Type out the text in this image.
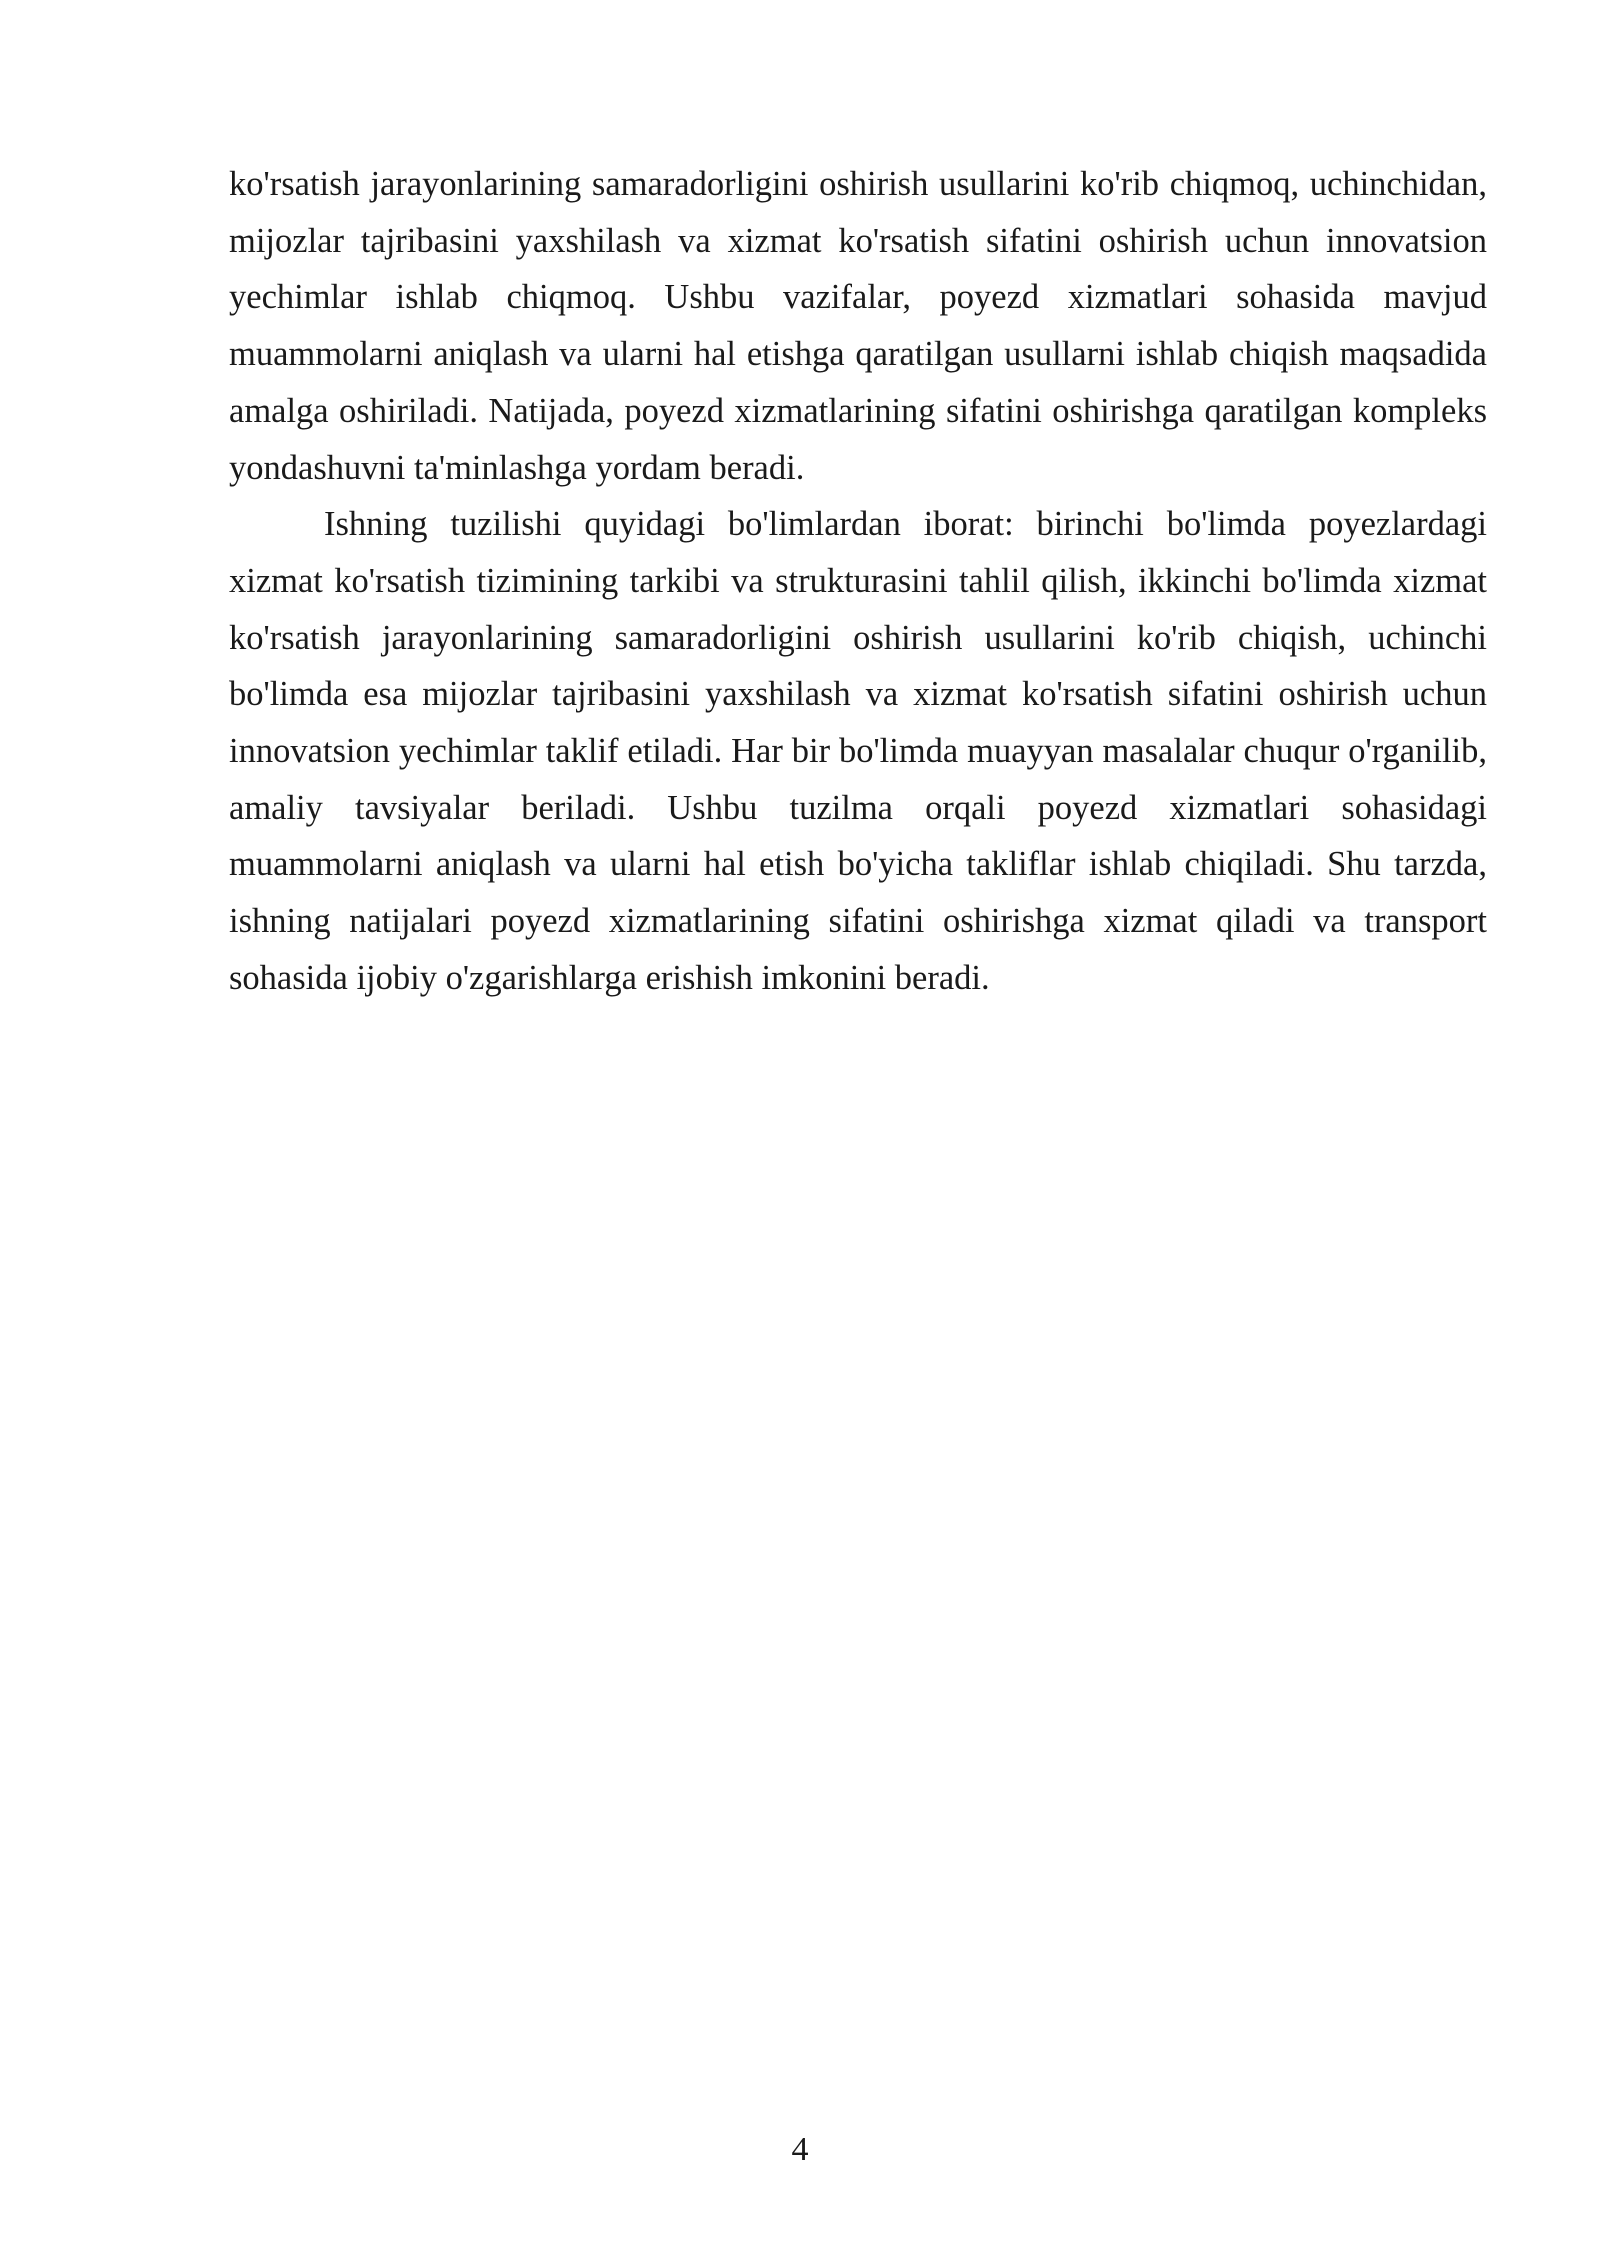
ko'rsatish jarayonlarining samaradorligini oshirish usullarini ko'rib chiqmoq, uchinchidan, mijozlar tajribasini yaxshilash va xizmat ko'rsatish sifatini oshirish uchun innovatsion yechimlar ishlab chiqmoq. Ushbu vazifalar, poyezd xizmatlari sohasida mavjud muammolarni aniqlash va ularni hal etishga qaratilgan usullarni ishlab chiqish maqsadida amalga oshiriladi. Natijada, poyezd xizmatlarining sifatini oshirishga qaratilgan kompleks yondashuvni ta'minlashga yordam beradi.

Ishning tuzilishi quyidagi bo'limlardan iborat: birinchi bo'limda poyezlardagi xizmat ko'rsatish tizimining tarkibi va strukturasini tahlil qilish, ikkinchi bo'limda xizmat ko'rsatish jarayonlarining samaradorligini oshirish usullarini ko'rib chiqish, uchinchi bo'limda esa mijozlar tajribasini yaxshilash va xizmat ko'rsatish sifatini oshirish uchun innovatsion yechimlar taklif etiladi. Har bir bo'limda muayyan masalalar chuqur o'rganilib, amaliy tavsiyalar beriladi. Ushbu tuzilma orqali poyezd xizmatlari sohasidagi muammolarni aniqlash va ularni hal etish bo'yicha takliflar ishlab chiqiladi. Shu tarzda, ishning natijalari poyezd xizmatlarining sifatini oshirishga xizmat qiladi va transport sohasida ijobiy o'zgarishlarga erishish imkonini beradi.

4
